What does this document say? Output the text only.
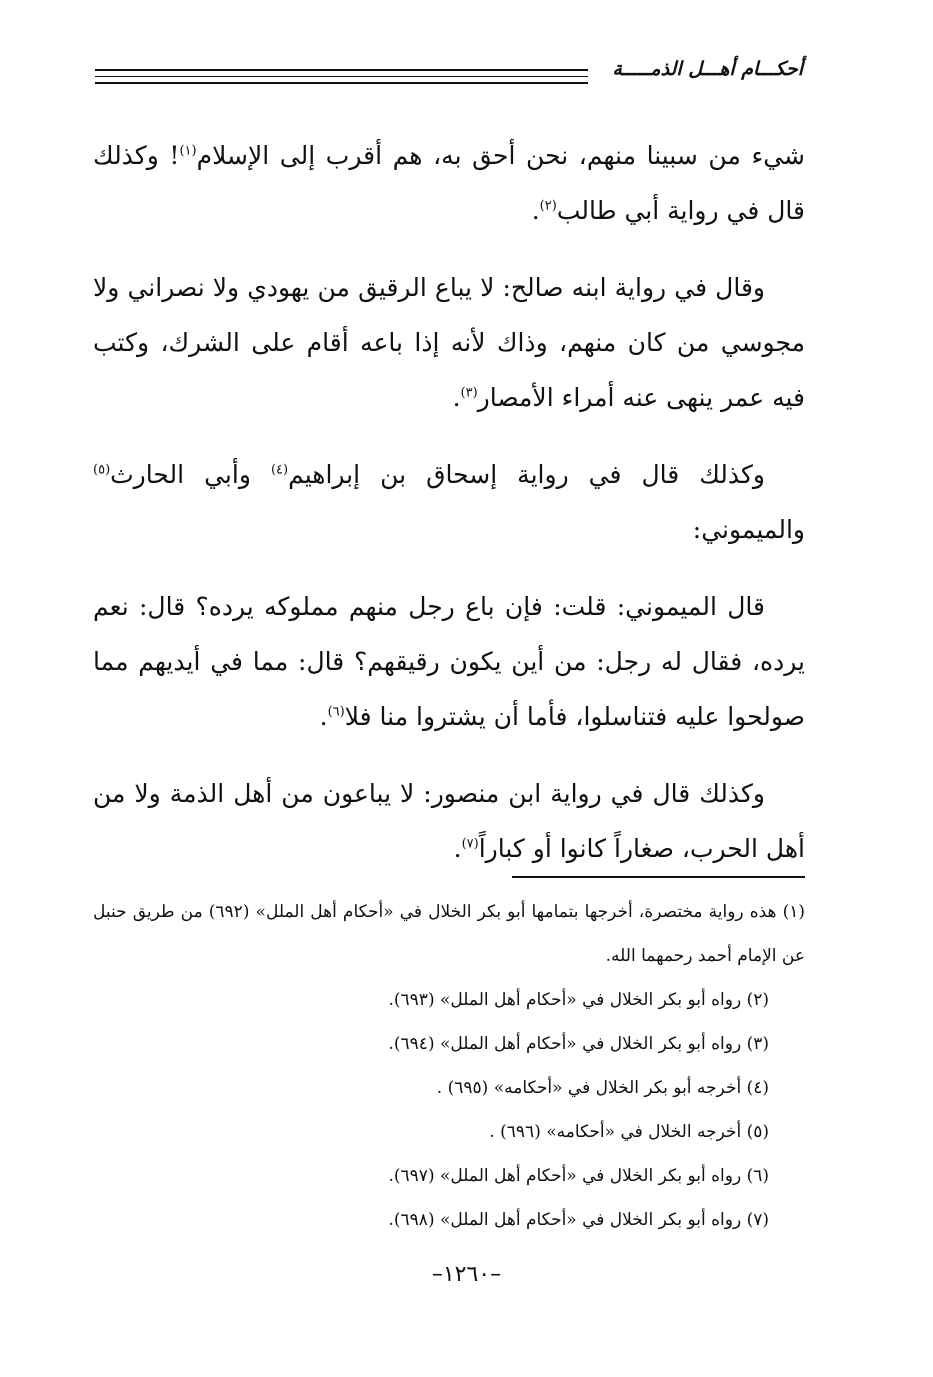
أحكـــام أهـــل الذمـــــة

شيء من سبينا منهم، نحن أحق به، هم أقرب إلى الإسلام$^{(١)}$! وكذلك قال في رواية أبي طالب$^{(٢)}$.

وقال في رواية ابنه صالح: لا يباع الرقيق من يهودي ولا نصراني ولا مجوسي من كان منهم، وذاك لأنه إذا باعه أقام على الشرك، وكتب فيه عمر ينهى عنه أمراء الأمصار$^{(٣)}$.

وكذلك قال في رواية إسحاق بن إبراهيم$^{(٤)}$ وأبي الحارث$^{(٥)}$ والميموني:

قال الميموني: قلت: فإن باع رجل منهم مملوكه يرده؟ قال: نعم يرده، فقال له رجل: من أين يكون رقيقهم؟ قال: مما في أيديهم مما صولحوا عليه فتناسلوا، فأما أن يشتروا منا فلا$^{(٦)}$.

وكذلك قال في رواية ابن منصور: لا يباعون من أهل الذمة ولا من أهل الحرب، صغاراً كانوا أو كباراً$^{(٧)}$.

(١) هذه رواية مختصرة، أخرجها بتمامها أبو بكر الخلال في «أحكام أهل الملل» (٦٩٢) من طريق حنبل عن الإمام أحمد رحمهما الله.
(٢) رواه أبو بكر الخلال في «أحكام أهل الملل» (٦٩٣).
(٣) رواه أبو بكر الخلال في «أحكام أهل الملل» (٦٩٤).
(٤) أخرجه أبو بكر الخلال في «أحكامه» (٦٩٥) .
(٥) أخرجه الخلال في «أحكامه» (٦٩٦) .
(٦) رواه أبو بكر الخلال في «أحكام أهل الملل» (٦٩٧).
(٧) رواه أبو بكر الخلال في «أحكام أهل الملل» (٦٩٨).
–١٢٦٠–
